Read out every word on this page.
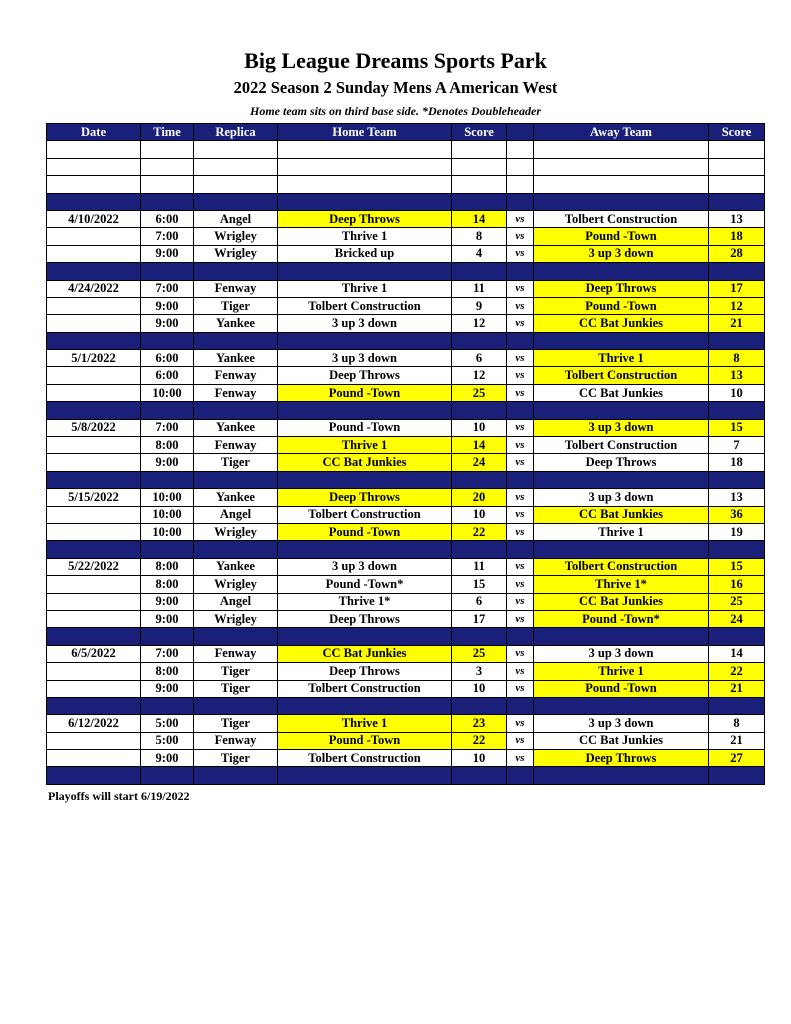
Big League Dreams Sports Park
2022 Season 2 Sunday Mens A American West
Home team sits on third base side. *Denotes Doubleheader
Date	Time	Replica	Home Team	Score		Away Team	Score

4/10/2022	6:00	Angel	Deep Throws	14	vs	Tolbert Construction	13
	7:00	Wrigley	Thrive 1	8	vs	Pound -Town	18
	9:00	Wrigley	Bricked up	4	vs	3 up 3 down	28

4/24/2022	7:00	Fenway	Thrive 1	11	vs	Deep Throws	17
	9:00	Tiger	Tolbert Construction	9	vs	Pound -Town	12
	9:00	Yankee	3 up 3 down	12	vs	CC Bat Junkies	21

5/1/2022	6:00	Yankee	3 up 3 down	6	vs	Thrive 1	8
	6:00	Fenway	Deep Throws	12	vs	Tolbert Construction	13
	10:00	Fenway	Pound -Town	25	vs	CC Bat Junkies	10

5/8/2022	7:00	Yankee	Pound -Town	10	vs	3 up 3 down	15
	8:00	Fenway	Thrive 1	14	vs	Tolbert Construction	7
	9:00	Tiger	CC Bat Junkies	24	vs	Deep Throws	18

5/15/2022	10:00	Yankee	Deep Throws	20	vs	3 up 3 down	13
	10:00	Angel	Tolbert Construction	10	vs	CC Bat Junkies	36
	10:00	Wrigley	Pound -Town	22	vs	Thrive 1	19

5/22/2022	8:00	Yankee	3 up 3 down	11	vs	Tolbert Construction	15
	8:00	Wrigley	Pound -Town*	15	vs	Thrive 1*	16
	9:00	Angel	Thrive 1*	6	vs	CC Bat Junkies	25
	9:00	Wrigley	Deep Throws	17	vs	Pound -Town*	24

6/5/2022	7:00	Fenway	CC Bat Junkies	25	vs	3 up 3 down	14
	8:00	Tiger	Deep Throws	3	vs	Thrive 1	22
	9:00	Tiger	Tolbert Construction	10	vs	Pound -Town	21

6/12/2022	5:00	Tiger	Thrive 1	23	vs	3 up 3 down	8
	5:00	Fenway	Pound -Town	22	vs	CC Bat Junkies	21
	9:00	Tiger	Tolbert Construction	10	vs	Deep Throws	27

Playoffs will start 6/19/2022
